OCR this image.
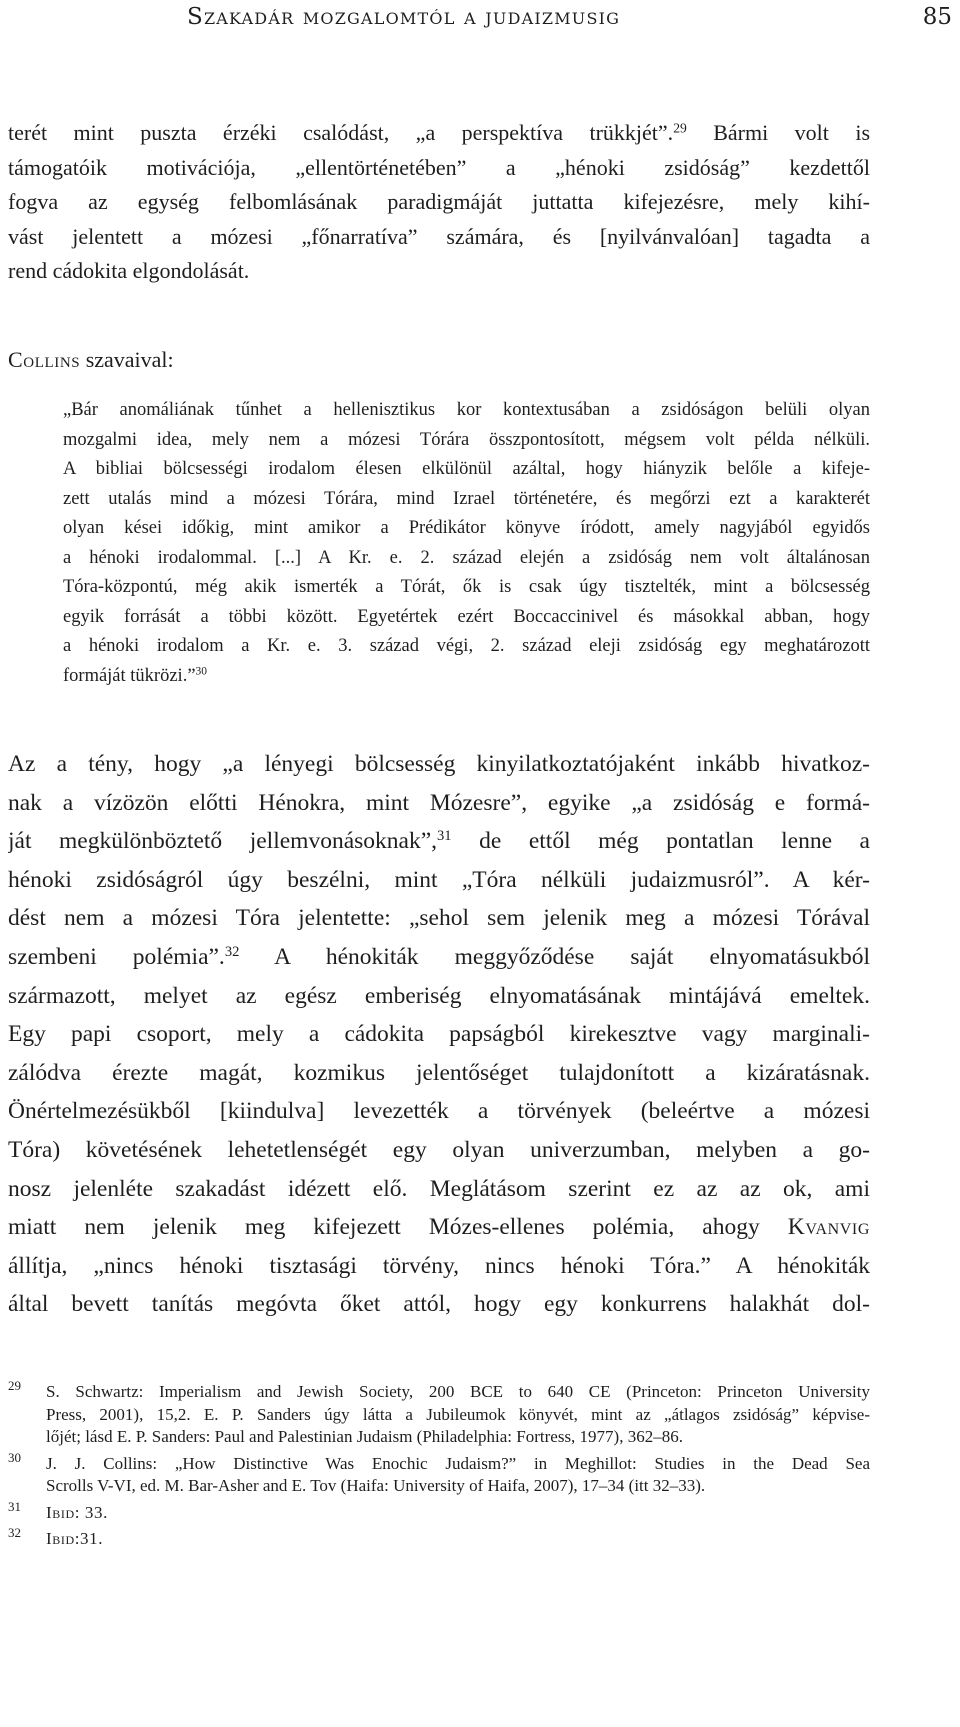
Szakadár mozgalomtól a judaizmusig	85
terét mint puszta érzéki csalódást, „a perspektíva trükkjét”.$^{29}$ Bármi volt is
támogatóik motivációja, „ellentörténetében” a „hénoki zsidóság” kezdettől
fogva az egység felbomlásának paradigmáját juttatta kifejezésre, mely kihí-
vást jelentett a mózesi „főnarratíva” számára, és [nyilvánvalóan] tagadta a
rend cádokita elgondolását.
Collins szavaival:
„Bár anomáliának tűnhet a hellenisztikus kor kontextusában a zsidóságon belüli olyan
mozgalmi idea, mely nem a mózesi Tórára összpontosított, mégsem volt példa nélküli.
A bibliai bölcsességi irodalom élesen elkülönül azáltal, hogy hiányzik belőle a kifeje-
zett utalás mind a mózesi Tórára, mind Izrael történetére, és megőrzi ezt a karakterét
olyan kései időkig, mint amikor a Prédikátor könyve íródott, amely nagyjából egyidős
a hénoki irodalommal. [...] A Kr. e. 2. század elején a zsidóság nem volt általánosan
Tóra-központú, még akik ismerték a Tórát, ők is csak úgy tisztelték, mint a bölcsesség
egyik forrását a többi között. Egyetértek ezért Boccaccinivel és másokkal abban, hogy
a hénoki irodalom a Kr. e. 3. század végi, 2. század eleji zsidóság egy meghatározott
formáját tükrözi.”$^{30}$
Az a tény, hogy „a lényegi bölcsesség kinyilatkoztatójaként inkább hivatkoz-
nak a vízözön előtti Hénokra, mint Mózesre”, egyike „a zsidóság e formá-
ját megkülönböztető jellemvonásoknak”,$^{31}$ de ettől még pontatlan lenne a
hénoki zsidóságról úgy beszélni, mint „Tóra nélküli judaizmusról”. A kér-
dést nem a mózesi Tóra jelentette: „sehol sem jelenik meg a mózesi Tórával
szembeni polémia”.$^{32}$ A hénokiták meggyőződése saját elnyomatásukból
származott, melyet az egész emberiség elnyomatásának mintájává emeltek.
Egy papi csoport, mely a cádokita papságból kirekesztve vagy marginali-
zálódva érezte magát, kozmikus jelentőséget tulajdonított a kizáratásnak.
Önértelmezésükből [kiindulva] levezették a törvények (beleértve a mózesi
Tóra) követésének lehetetlenségét egy olyan univerzumban, melyben a go-
nosz jelenléte szakadást idézett elő. Meglátásom szerint ez az az ok, ami
miatt nem jelenik meg kifejezett Mózes-ellenes polémia, ahogy Kvanvig
állítja, „nincs hénoki tisztasági törvény, nincs hénoki Tóra.” A hénokiták
által bevett tanítás megóvta őket attól, hogy egy konkurrens halakhát dol-
29 S. Schwartz: Imperialism and Jewish Society, 200 BCE to 640 CE (Princeton: Princeton University
Press, 2001), 15,2. E. P. Sanders úgy látta a Jubileumok könyvét, mint az „átlagos zsidóság” képvise-
lőjét; lásd E. P. Sanders: Paul and Palestinian Judaism (Philadelphia: Fortress, 1977), 362–86.
30 J. J. Collins: „How Distinctive Was Enochic Judaism?” in Meghillot: Studies in the Dead Sea
Scrolls V-VI, ed. M. Bar-Asher and E. Tov (Haifa: University of Haifa, 2007), 17–34 (itt 32–33).
31 Ibid: 33.
32 Ibid:31.
